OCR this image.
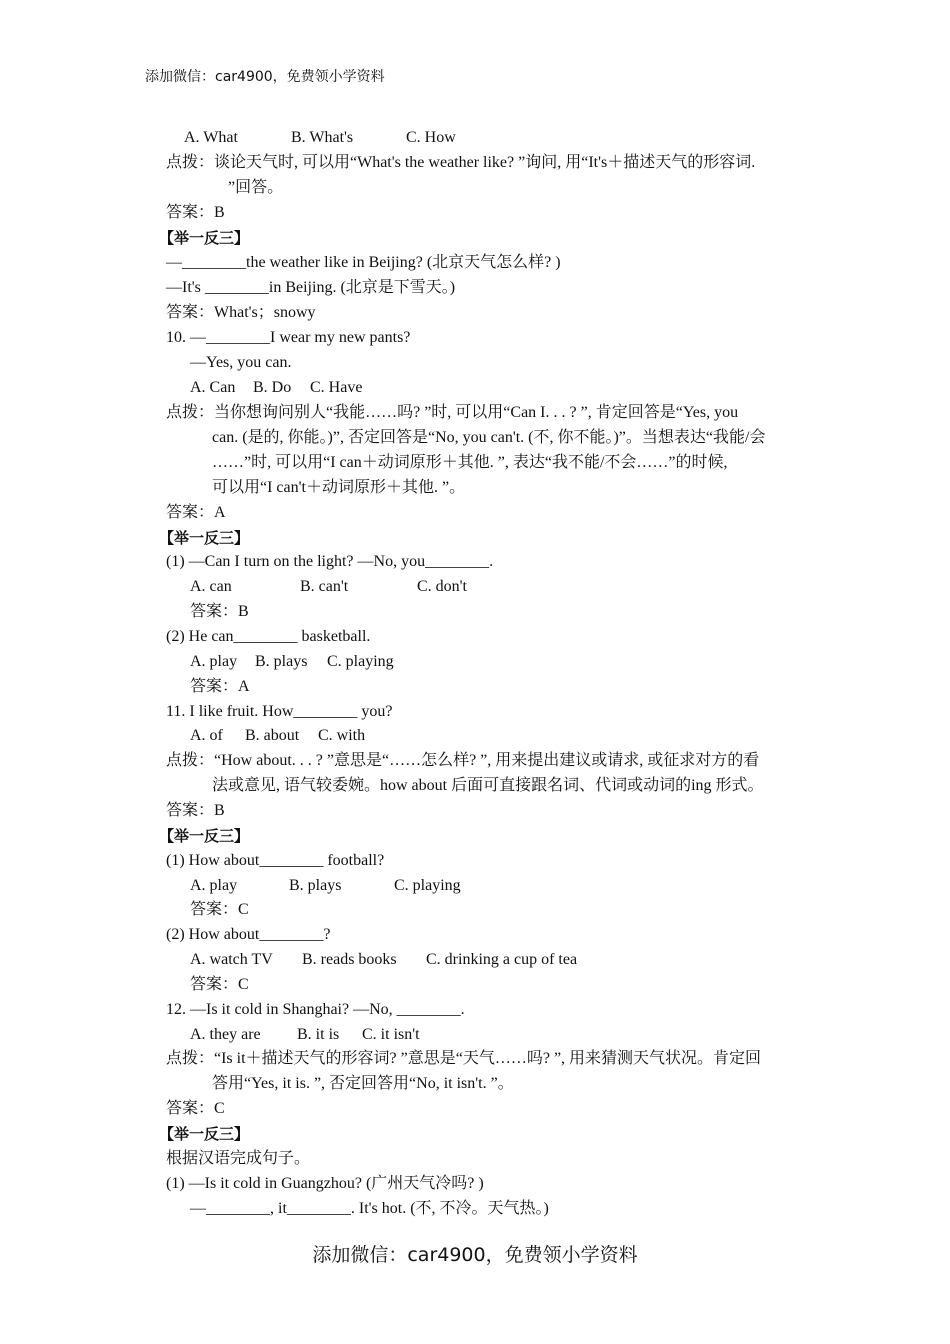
添加微信：car4900，免费领小学资料
A. What	B. What's	C. How
点拨：谈论天气时, 可以用“What's the weather like? ”询问, 用“It's＋描述天气的形容词.
”回答。
答案：B
【举一反三】
—________the weather like in Beijing? (北京天气怎么样? )
—It's ________in Beijing. (北京是下雪天。)
答案：What's；snowy
10. —________I wear my new pants?
—Yes, you can.
A. Can B. Do C. Have
点拨：当你想询问别人“我能……吗? ”时, 可以用“Can I. . . ? ”, 肯定回答是“Yes, you
can. (是的, 你能。)”, 否定回答是“No, you can't. (不, 你不能。)”。当想表达“我能/会
……”时, 可以用“I can＋动词原形＋其他. ”, 表达“我不能/不会……”的时候,
可以用“I can't＋动词原形＋其他. ”。
答案：A
【举一反三】
(1) —Can I turn on the light? —No, you________.
A. can	B. can't	C. don't
答案：B
(2) He can________ basketball.
A. play B. plays C. playing
答案：A
11. I like fruit. How________ you?
A. of B. about C. with
点拨：“How about. . . ? ”意思是“……怎么样? ”, 用来提出建议或请求, 或征求对方的看
法或意见, 语气较委婉。how about 后面可直接跟名词、代词或动词的ing 形式。
答案：B
【举一反三】
(1) How about________ football?
A. play	B. plays	C. playing
答案：C
(2) How about________?
A. watch TV B. reads books C. drinking a cup of tea
答案：C
12. —Is it cold in Shanghai? —No, ________.
A. they are B. it is C. it isn't
点拨：“Is it＋描述天气的形容词? ”意思是“天气……吗? ”, 用来猜测天气状况。肯定回
答用“Yes, it is. ”, 否定回答用“No, it isn't. ”。
答案：C
【举一反三】
根据汉语完成句子。
(1) —Is it cold in Guangzhou? (广州天气冷吗? )
—________, it________. It's hot. (不, 不冷。天气热。)
添加微信：car4900，免费领小学资料
